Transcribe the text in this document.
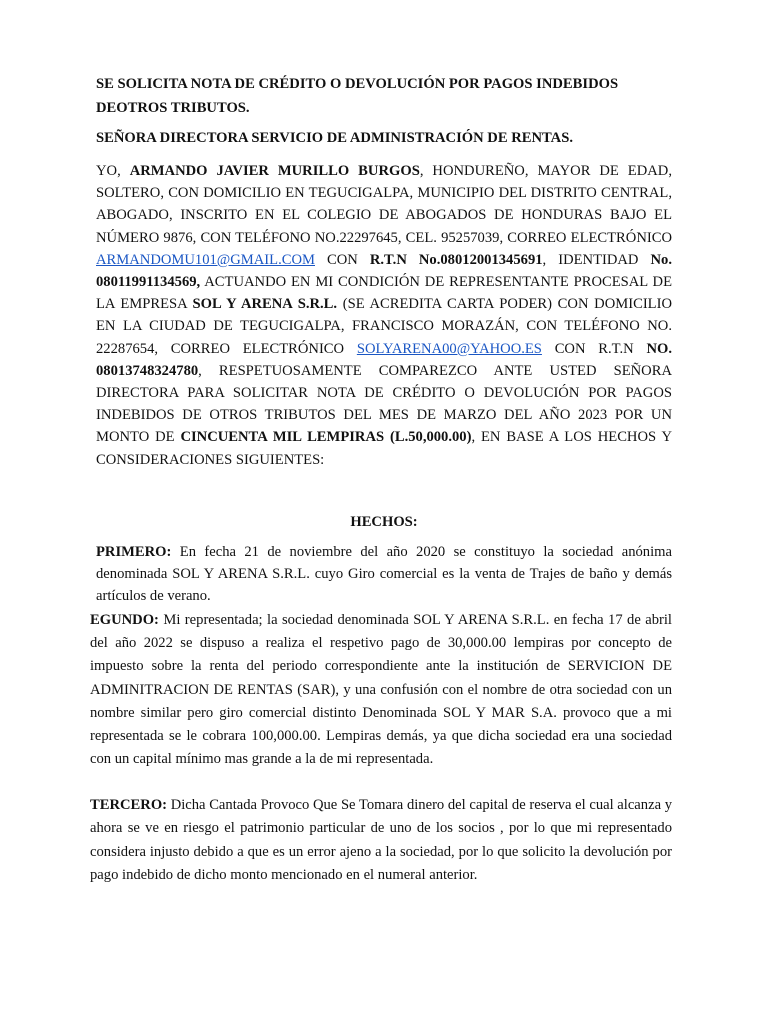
SE SOLICITA NOTA DE CRÉDITO O DEVOLUCIÓN POR PAGOS INDEBIDOS
DEOTROS TRIBUTOS.
SEÑORA DIRECTORA SERVICIO DE ADMINISTRACIÓN DE RENTAS.
YO, ARMANDO JAVIER MURILLO BURGOS, HONDUREÑO, MAYOR DE EDAD, SOLTERO, CON DOMICILIO EN TEGUCIGALPA, MUNICIPIO DEL DISTRITO CENTRAL, ABOGADO, INSCRITO EN EL COLEGIO DE ABOGADOS DE HONDURAS BAJO EL NÚMERO 9876, CON TELÉFONO NO.22297645, CEL. 95257039, CORREO ELECTRÓNICO ARMANDOMU101@GMAIL.COM CON R.T.N No.08012001345691, IDENTIDAD No. 08011991134569, ACTUANDO EN MI CONDICIÓN DE REPRESENTANTE PROCESAL DE LA EMPRESA SOL Y ARENA S.R.L. (SE ACREDITA CARTA PODER) CON DOMICILIO EN LA CIUDAD DE TEGUCIGALPA, FRANCISCO MORAZÁN, CON TELÉFONO NO. 22287654, CORREO ELECTRÓNICO SOLYARENA00@YAHOO.ES CON R.T.N NO. 08013748324780, RESPETUOSAMENTE COMPAREZCO ANTE USTED SEÑORA DIRECTORA PARA SOLICITAR NOTA DE CRÉDITO O DEVOLUCIÓN POR PAGOS INDEBIDOS DE OTROS TRIBUTOS DEL MES DE MARZO DEL AÑO 2023 POR UN MONTO DE CINCUENTA MIL LEMPIRAS (L.50,000.00), EN BASE A LOS HECHOS Y CONSIDERACIONES SIGUIENTES:
HECHOS:
PRIMERO: En fecha 21 de noviembre del año 2020 se constituyo la sociedad anónima denominada SOL Y ARENA S.R.L. cuyo Giro comercial es la venta de Trajes de baño y demás artículos de verano.
EGUNDO: Mi representada; la sociedad denominada SOL Y ARENA S.R.L. en fecha 17 de abril del año 2022 se dispuso a realiza el respetivo pago de 30,000.00 lempiras por concepto de impuesto sobre la renta del periodo correspondiente ante la institución de SERVICION DE ADMINITRACION DE RENTAS (SAR), y una confusión con el nombre de otra sociedad con un nombre similar pero giro comercial distinto Denominada SOL Y MAR S.A. provoco que a mi representada se le cobrara 100,000.00. Lempiras demás, ya que dicha sociedad era una sociedad con un capital mínimo mas grande a la de mi representada.
TERCERO: Dicha Cantada Provoco Que Se Tomara dinero del capital de reserva el cual alcanza y ahora se ve en riesgo el patrimonio particular de uno de los socios , por lo que mi representado considera injusto debido a que es un error ajeno a la sociedad, por lo que solicito la devolución por pago indebido de dicho monto mencionado en el numeral anterior.
